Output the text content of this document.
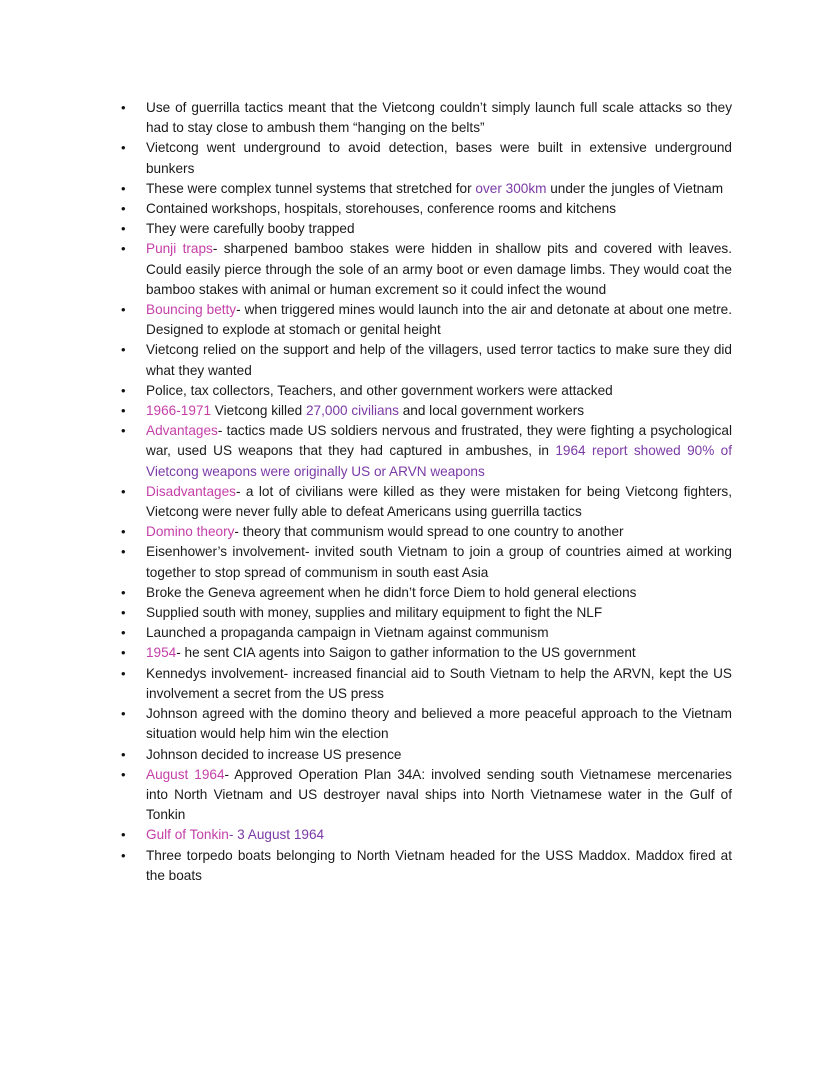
• Use of guerrilla tactics meant that the Vietcong couldn’t simply launch full scale attacks so they had to stay close to ambush them “hanging on the belts”
• Vietcong went underground to avoid detection, bases were built in extensive underground bunkers
• These were complex tunnel systems that stretched for over 300km under the jungles of Vietnam
• Contained workshops, hospitals, storehouses, conference rooms and kitchens
• They were carefully booby trapped
• Punji traps- sharpened bamboo stakes were hidden in shallow pits and covered with leaves. Could easily pierce through the sole of an army boot or even damage limbs. They would coat the bamboo stakes with animal or human excrement so it could infect the wound
• Bouncing betty- when triggered mines would launch into the air and detonate at about one metre. Designed to explode at stomach or genital height
• Vietcong relied on the support and help of the villagers, used terror tactics to make sure they did what they wanted
• Police, tax collectors, Teachers, and other government workers were attacked
• 1966-1971 Vietcong killed 27,000 civilians and local government workers
• Advantages- tactics made US soldiers nervous and frustrated, they were fighting a psychological war, used US weapons that they had captured in ambushes, in 1964 report showed 90% of Vietcong weapons were originally US or ARVN weapons
• Disadvantages- a lot of civilians were killed as they were mistaken for being Vietcong fighters, Vietcong were never fully able to defeat Americans using guerrilla tactics
• Domino theory- theory that communism would spread to one country to another
• Eisenhower’s involvement- invited south Vietnam to join a group of countries aimed at working together to stop spread of communism in south east Asia
• Broke the Geneva agreement when he didn’t force Diem to hold general elections
• Supplied south with money, supplies and military equipment to fight the NLF
• Launched a propaganda campaign in Vietnam against communism
• 1954- he sent CIA agents into Saigon to gather information to the US government
• Kennedys involvement- increased financial aid to South Vietnam to help the ARVN, kept the US involvement a secret from the US press
• Johnson agreed with the domino theory and believed a more peaceful approach to the Vietnam situation would help him win the election
• Johnson decided to increase US presence
• August 1964- Approved Operation Plan 34A: involved sending south Vietnamese mercenaries into North Vietnam and US destroyer naval ships into North Vietnamese water in the Gulf of Tonkin
• Gulf of Tonkin- 3 August 1964
• Three torpedo boats belonging to North Vietnam headed for the USS Maddox. Maddox fired at the boats
